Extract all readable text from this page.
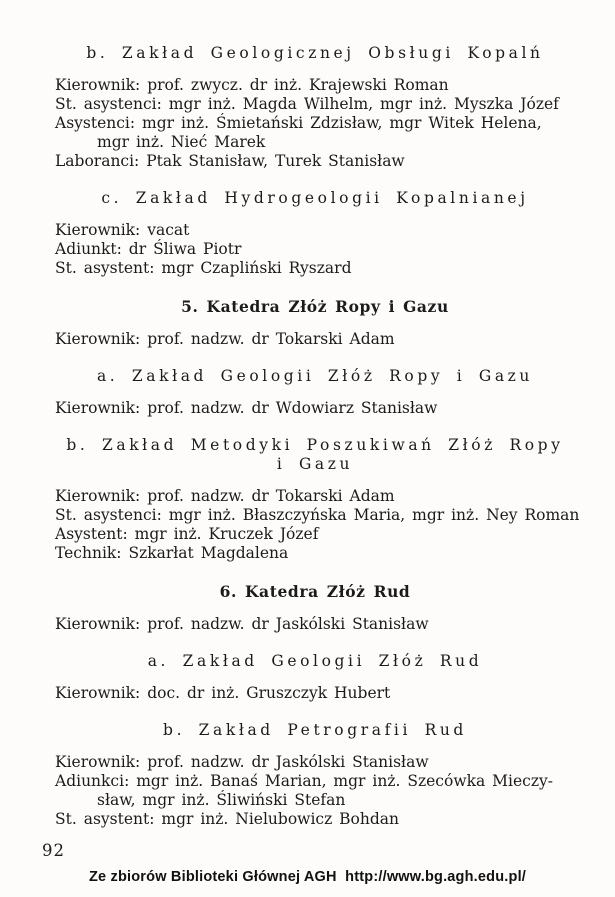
b. Zakład Geologicznej Obsługi Kopalń

Kierownik: prof. zwycz. dr inż. Krajewski Roman

St. asystenci: mgr inż. Magda Wilhelm, mgr inż. Myszka Józef

Asystenci: mgr inż. Śmietański Zdzisław, mgr Witek Helena,

mgr inż. Nieć Marek

Laboranci: Ptak Stanisław, Turek Stanisław

c. Zakład Hydrogeologii Kopalnianej

Kierownik: vacat

Adiunkt: dr Śliwa Piotr

St. asystent: mgr Czapliński Ryszard

5. Katedra Złóż Ropy i Gazu

Kierownik: prof. nadzw. dr Tokarski Adam

a. Zakład Geologii Złóż Ropy i Gazu

Kierownik: prof. nadzw. dr Wdowiarz Stanisław

b. Zakład Metodyki Poszukiwań Złóż Ropy
i Gazu

Kierownik: prof. nadzw. dr Tokarski Adam

St. asystenci: mgr inż. Błaszczyńska Maria, mgr inż. Ney Roman

Asystent: mgr inż. Kruczek Józef

Technik: Szkarłat Magdalena

6. Katedra Złóż Rud

Kierownik: prof. nadzw. dr Jaskólski Stanisław

a. Zakład Geologii Złóż Rud

Kierownik: doc. dr inż. Gruszczyk Hubert

b. Zakład Petrografii Rud

Kierownik: prof. nadzw. dr Jaskólski Stanisław

Adiunkci: mgr inż. Banaś Marian, mgr inż. Szecówka Mieczy-

sław, mgr inż. Śliwiński Stefan

St. asystent: mgr inż. Nielubowicz Bohdan

92
Ze zbiorów Biblioteki Głównej AGH  http://www.bg.agh.edu.pl/
